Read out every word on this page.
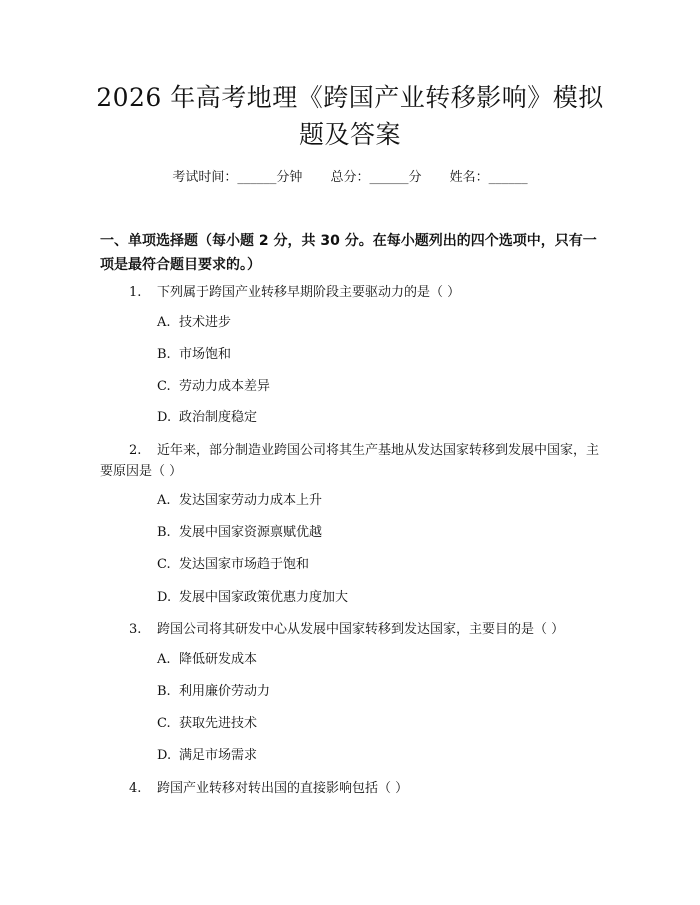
2026 年高考地理《跨国产业转移影响》模拟
题及答案
考试时间：______分钟 总分：______分 姓名：______
一、单项选择题（每小题 2 分，共 30 分。在每小题列出的四个选项中，只有一项是最符合题目要求的。）
1. 下列属于跨国产业转移早期阶段主要驱动力的是（ ）
A. 技术进步
B. 市场饱和
C. 劳动力成本差异
D. 政治制度稳定
2. 近年来，部分制造业跨国公司将其生产基地从发达国家转移到发展中国家，主要原因是（ ）
A. 发达国家劳动力成本上升
B. 发展中国家资源禀赋优越
C. 发达国家市场趋于饱和
D. 发展中国家政策优惠力度加大
3. 跨国公司将其研发中心从发展中国家转移到发达国家，主要目的是（ ）
A. 降低研发成本
B. 利用廉价劳动力
C. 获取先进技术
D. 满足市场需求
4. 跨国产业转移对转出国的直接影响包括（ ）
